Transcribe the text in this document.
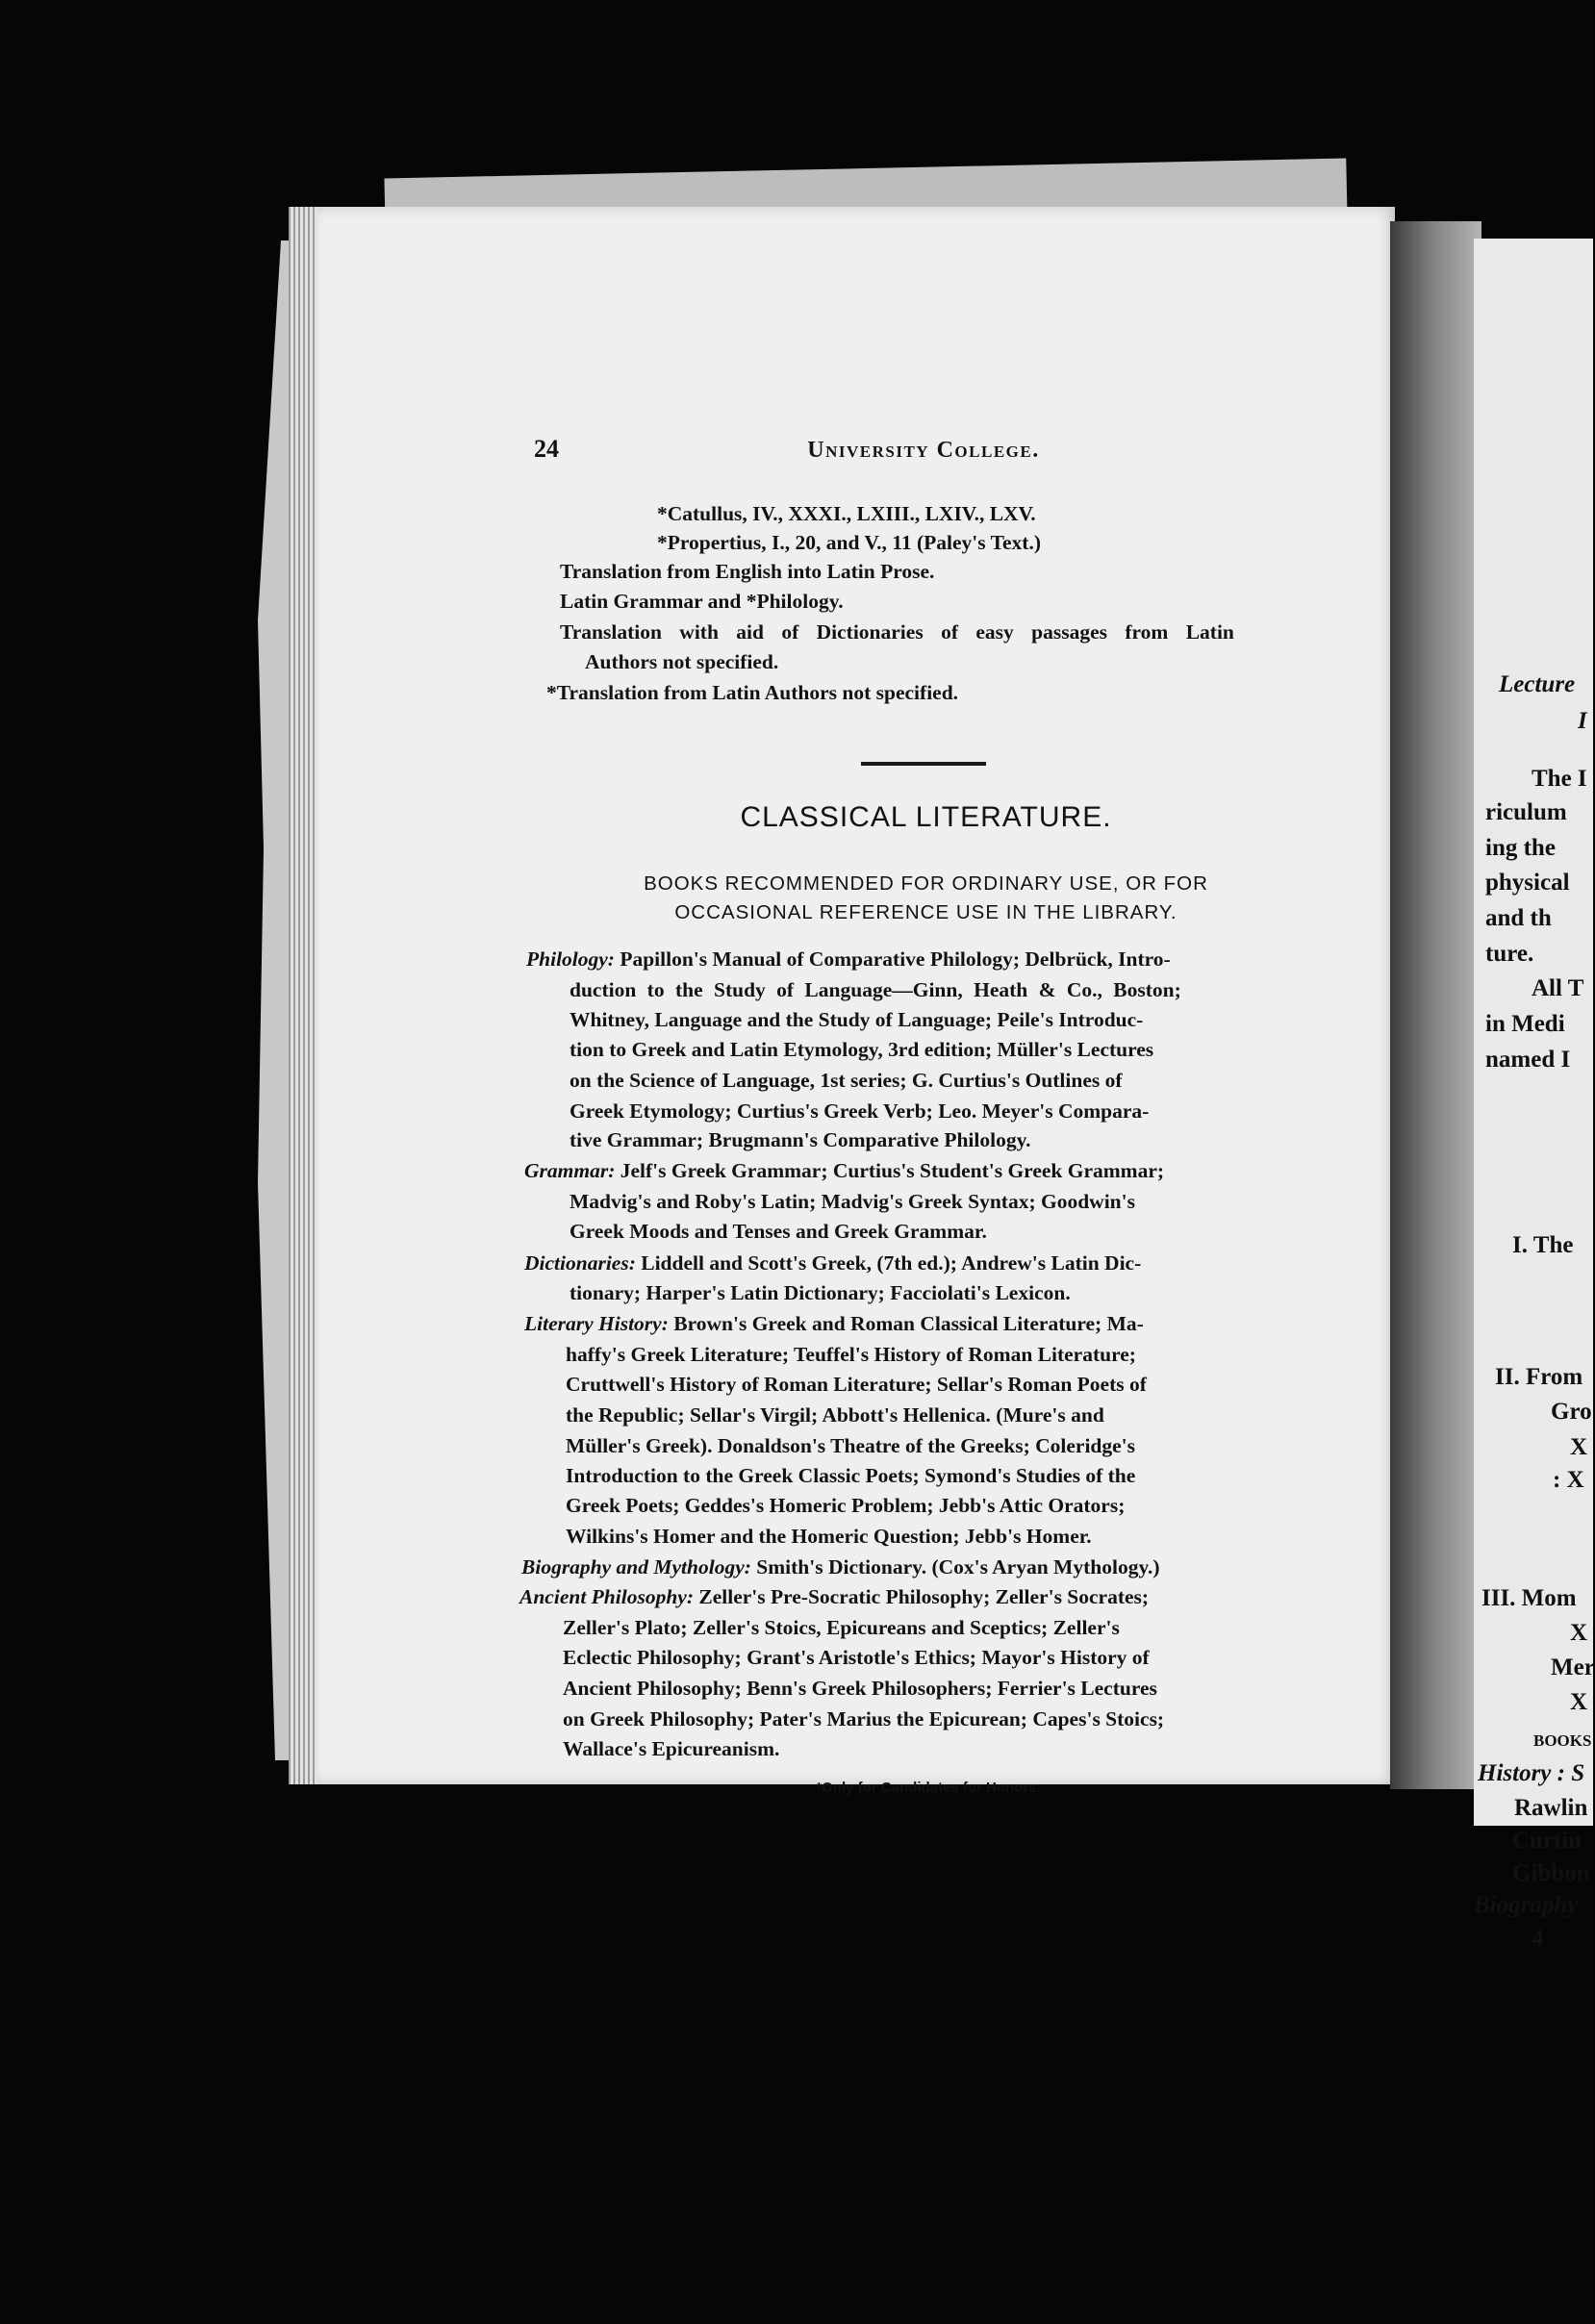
24	University College.
*Catullus, IV., XXXI., LXIII., LXIV., LXV.
*Propertius, I., 20, and V., 11 (Paley's Text.)
Translation from English into Latin Prose.
Latin Grammar and *Philology.
Translation with aid of Dictionaries of easy passages from Latin
Authors not specified.
*Translation from Latin Authors not specified.
CLASSICAL LITERATURE.
BOOKS RECOMMENDED FOR ORDINARY USE, OR FOR
OCCASIONAL REFERENCE USE IN THE LIBRARY.
Philology: Papillon's Manual of Comparative Philology; Delbrück, Intro-
duction to the Study of Language—Ginn, Heath & Co., Boston;
Whitney, Language and the Study of Language; Peile's Introduc-
tion to Greek and Latin Etymology, 3rd edition; Müller's Lectures
on the Science of Language, 1st series; G. Curtius's Outlines of
Greek Etymology; Curtius's Greek Verb; Leo. Meyer's Compara-
tive Grammar; Brugmann's Comparative Philology.
Grammar: Jelf's Greek Grammar; Curtius's Student's Greek Grammar;
Madvig's and Roby's Latin; Madvig's Greek Syntax; Goodwin's
Greek Moods and Tenses and Greek Grammar.
Dictionaries: Liddell and Scott's Greek, (7th ed.); Andrew's Latin Dic-
tionary; Harper's Latin Dictionary; Facciolati's Lexicon.
Literary History: Brown's Greek and Roman Classical Literature; Ma-
haffy's Greek Literature; Teuffel's History of Roman Literature;
Cruttwell's History of Roman Literature; Sellar's Roman Poets of
the Republic; Sellar's Virgil; Abbott's Hellenica. (Mure's and
Müller's Greek). Donaldson's Theatre of the Greeks; Coleridge's
Introduction to the Greek Classic Poets; Symond's Studies of the
Greek Poets; Geddes's Homeric Problem; Jebb's Attic Orators;
Wilkins's Homer and the Homeric Question; Jebb's Homer.
Biography and Mythology: Smith's Dictionary. (Cox's Aryan Mythology.)
Ancient Philosophy: Zeller's Pre-Socratic Philosophy; Zeller's Socrates;
Zeller's Plato; Zeller's Stoics, Epicureans and Sceptics; Zeller's
Eclectic Philosophy; Grant's Aristotle's Ethics; Mayor's History of
Ancient Philosophy; Benn's Greek Philosophers; Ferrier's Lectures
on Greek Philosophy; Pater's Marius the Epicurean; Capes's Stoics;
Wallace's Epicureanism.
*Only for Candidates for Honors.
Lecture
I
The I
riculum
ing the
physical
and th
ture.
All T
in Medi
named I
I. The
II. From
Gro
X
: X
III. Mom
X
Mer
X
BOOKS
History : S
Rawlin
Curtiu
Gibbon
Biography
4
